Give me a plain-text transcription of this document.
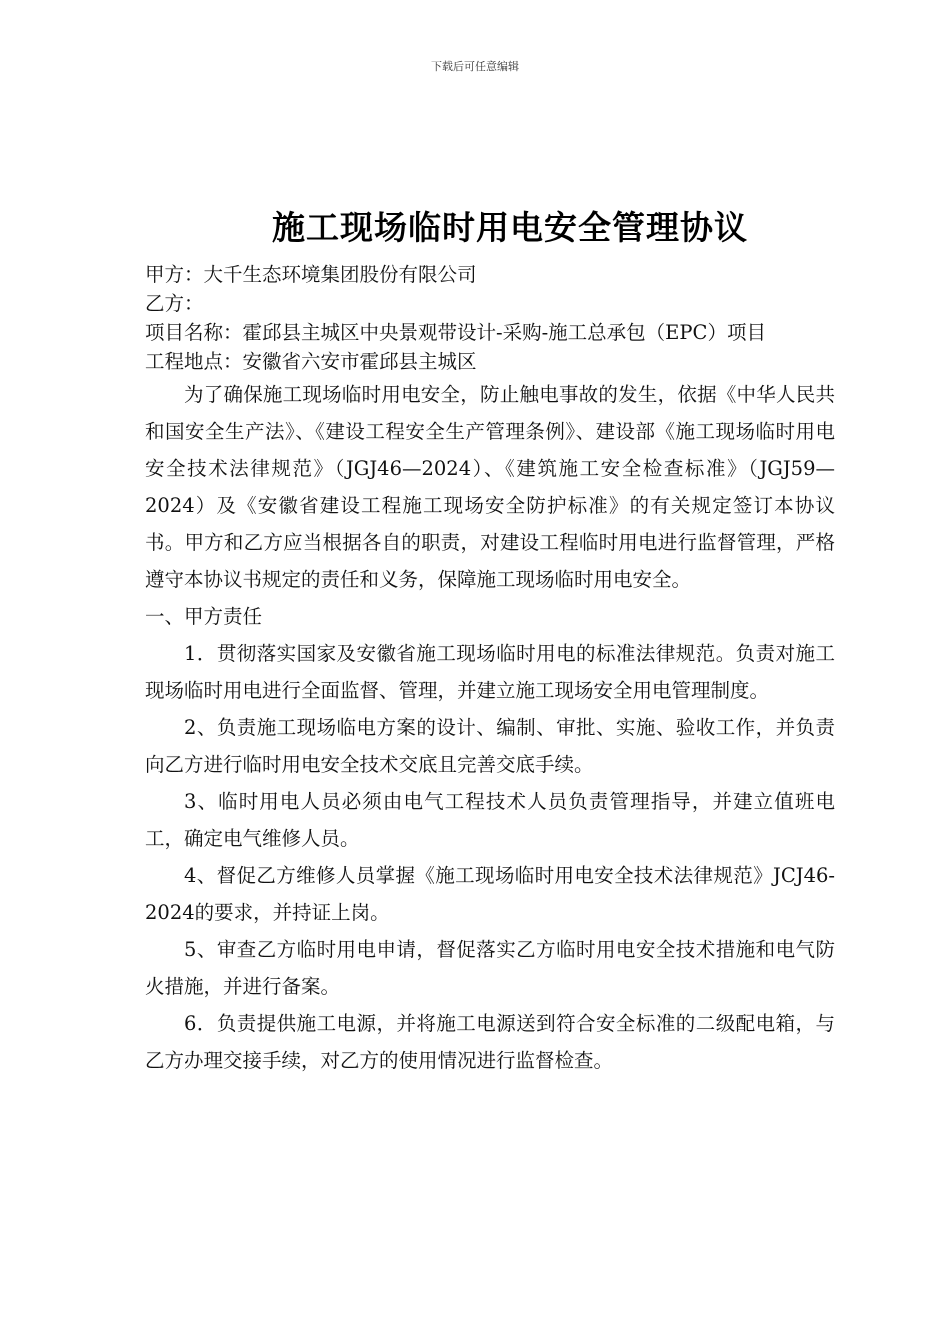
下载后可任意编辑
施工现场临时用电安全管理协议
甲方：大千生态环境集团股份有限公司
乙方：
项目名称：霍邱县主城区中央景观带设计-采购-施工总承包（EPC）项目
工程地点：安徽省六安市霍邱县主城区
为了确保施工现场临时用电安全，防止触电事故的发生，依据《中华人民共和国安全生产法》、《建设工程安全生产管理条例》、建设部《施工现场临时用电安全技术法律规范》（JGJ46—2024）、《建筑施工安全检查标准》（JGJ59—2024）及《安徽省建设工程施工现场安全防护标准》的有关规定签订本协议书。甲方和乙方应当根据各自的职责，对建设工程临时用电进行监督管理，严格遵守本协议书规定的责任和义务，保障施工现场临时用电安全。
一、甲方责任
1．贯彻落实国家及安徽省施工现场临时用电的标准法律规范。负责对施工现场临时用电进行全面监督、管理，并建立施工现场安全用电管理制度。
2、负责施工现场临电方案的设计、编制、审批、实施、验收工作，并负责向乙方进行临时用电安全技术交底且完善交底手续。
3、临时用电人员必须由电气工程技术人员负责管理指导，并建立值班电工，确定电气维修人员。
4、督促乙方维修人员掌握《施工现场临时用电安全技术法律规范》JCJ46-2024的要求，并持证上岗。
5、审查乙方临时用电申请，督促落实乙方临时用电安全技术措施和电气防火措施，并进行备案。
6．负责提供施工电源，并将施工电源送到符合安全标准的二级配电箱，与乙方办理交接手续，对乙方的使用情况进行监督检查。
